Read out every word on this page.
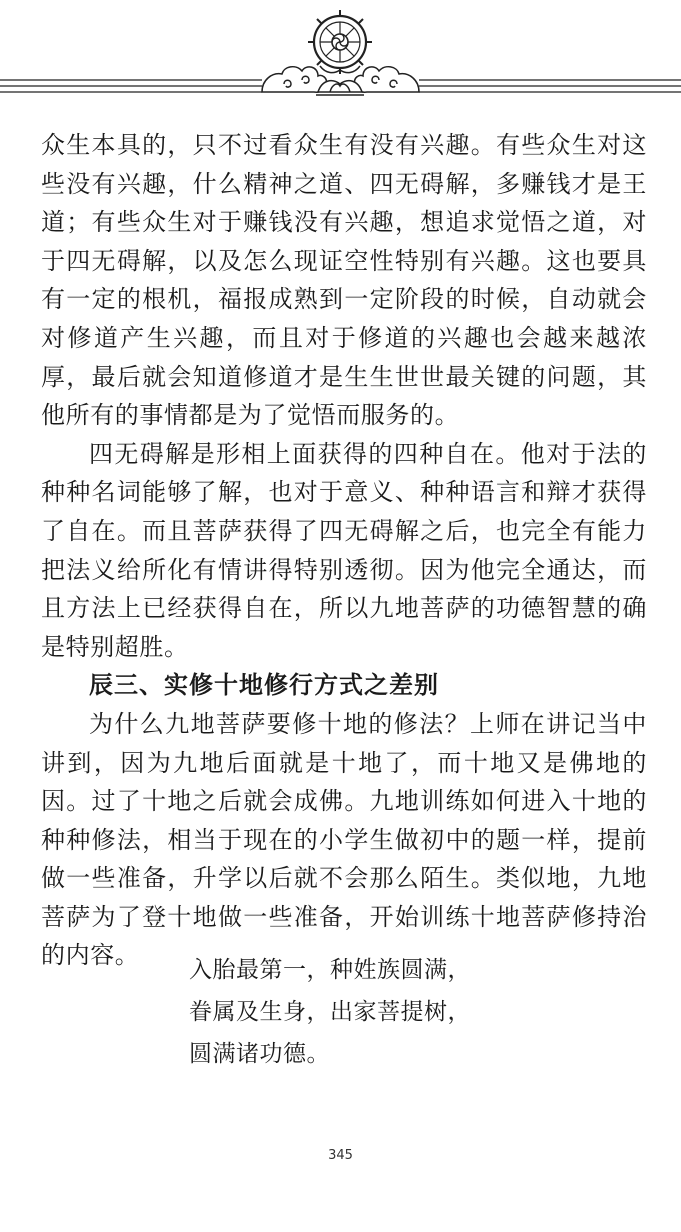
众生本具的，只不过看众生有没有兴趣。有些众生对这些没有兴趣，什么精神之道、四无碍解，多赚钱才是王道；有些众生对于赚钱没有兴趣，想追求觉悟之道，对于四无碍解，以及怎么现证空性特别有兴趣。这也要具有一定的根机，福报成熟到一定阶段的时候，自动就会对修道产生兴趣，而且对于修道的兴趣也会越来越浓厚，最后就会知道修道才是生生世世最关键的问题，其他所有的事情都是为了觉悟而服务的。

四无碍解是形相上面获得的四种自在。他对于法的种种名词能够了解，也对于意义、种种语言和辩才获得了自在。而且菩萨获得了四无碍解之后，也完全有能力把法义给所化有情讲得特别透彻。因为他完全通达，而且方法上已经获得自在，所以九地菩萨的功德智慧的确是特别超胜。

辰三、实修十地修行方式之差别

为什么九地菩萨要修十地的修法？上师在讲记当中讲到，因为九地后面就是十地了，而十地又是佛地的因。过了十地之后就会成佛。九地训练如何进入十地的种种修法，相当于现在的小学生做初中的题一样，提前做一些准备，升学以后就不会那么陌生。类似地，九地菩萨为了登十地做一些准备，开始训练十地菩萨修持治的内容。

入胎最第一，种姓族圆满，

眷属及生身，出家菩提树，

圆满诸功德。

345
